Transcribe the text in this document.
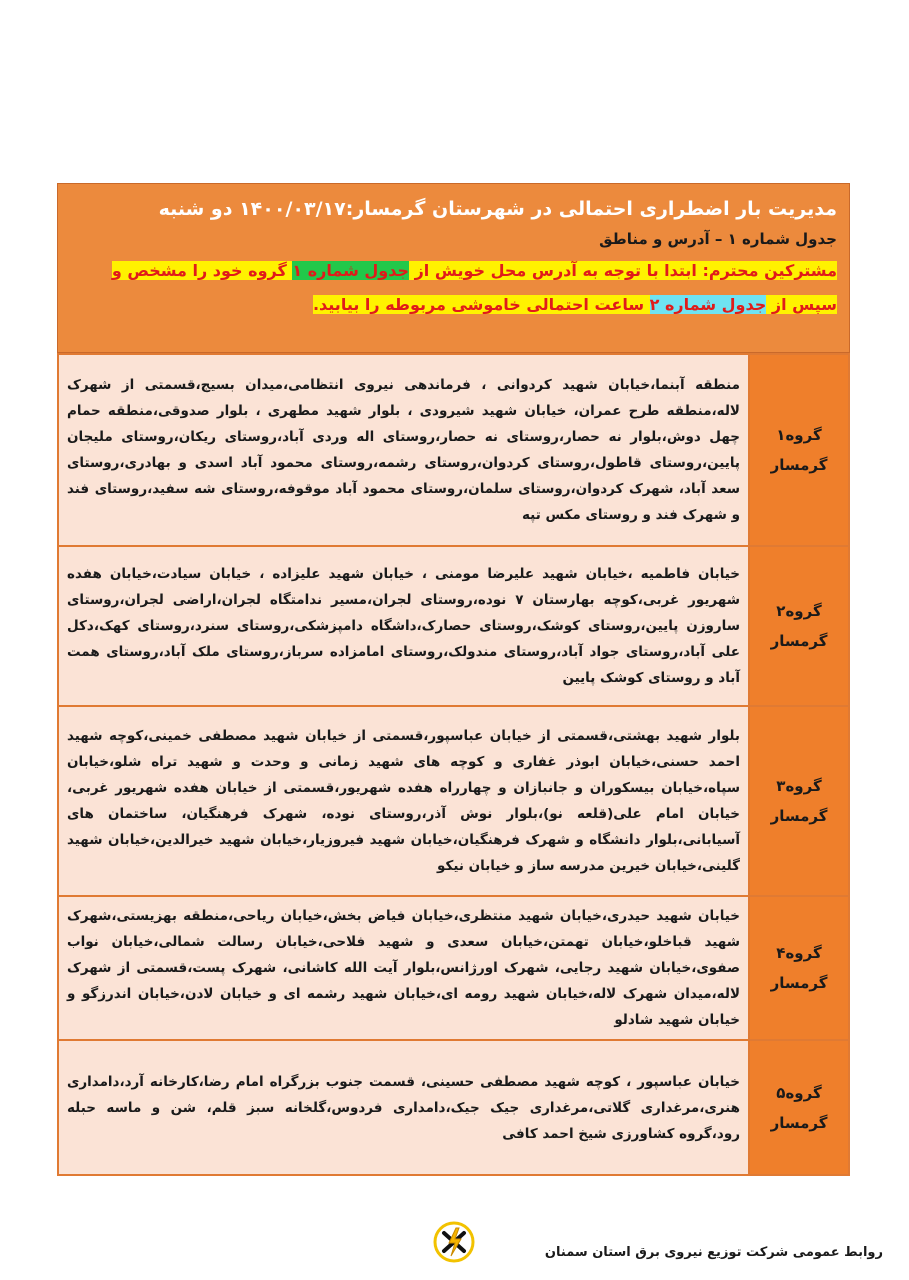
مدیریت بار اضطراری احتمالی در شهرستان گرمسار:۱۴۰۰/۰۳/۱۷ دو شنبه
جدول شماره ۱ – آدرس و مناطق
مشترکین محترم: ابتدا با توجه به آدرس محل خویش از جدول شماره ۱ گروه خود را مشخص و سپس از جدول شماره ۲ ساعت احتمالی خاموشی مربوطه را بیابید.
گروه۱
گرمسار	منطقه آبنما،خیابان شهید کردوانی ، فرماندهی نیروی انتظامی،میدان بسیج،قسمتی از شهرک لاله،منطقه طرح عمران، خیابان شهید شیرودی ، بلوار شهید مطهری ، بلوار صدوقی،منطقه حمام چهل دوش،بلوار نه حصار،روستای نه حصار،روستای اله وردی آباد،روستای ریکان،روستای ملیجان پایین،روستای قاطول،روستای کردوان،روستای رشمه،روستای محمود آباد اسدی و بهادری،روستای سعد آباد، شهرک کردوان،روستای سلمان،روستای محمود آباد موقوفه،روستای شه سفید،روستای فند و شهرک فند و روستای مکس تپه

گروه۲
گرمسار	خیابان فاطمیه ،خیابان شهید علیرضا مومنی ، خیابان شهید علیزاده ، خیابان سیادت،خیابان هفده شهریور غربی،کوچه بهارستان ۷ نوده،روستای لجران،مسیر ندامتگاه لجران،اراضی لجران،روستای ساروزن پایین،روستای کوشک،روستای حصارک،داشگاه دامپزشکی،روستای سنرد،روستای کهک،دکل علی آباد،روستای جواد آباد،روستای مندولک،روستای امامزاده سرباز،روستای ملک آباد،روستای همت آباد و روستای کوشک پایین

گروه۳
گرمسار	بلوار شهید بهشتی،قسمتی از خیابان عباسپور،قسمتی از خیابان شهید مصطفی خمینی،کوچه شهید احمد حسنی،خیابان ابوذر غفاری و کوچه های شهید زمانی و وحدت و شهید تراه شلو،خیابان سپاه،خیابان بیسکوران و جانبازان و چهارراه هفده شهریور،قسمتی از خیابان هفده شهریور غربی، خیابان امام علی(قلعه نو)،بلوار نوش آذر،روستای نوده، شهرک فرهنگیان، ساختمان های آسیابانی،بلوار دانشگاه و شهرک فرهنگیان،خیابان شهید فیروزیار،خیابان شهید خیرالدین،خیابان شهید گلینی،خیابان خیرین مدرسه ساز و خیابان نیکو

گروه۴
گرمسار	خیابان شهید حیدری،خیابان شهید منتظری،خیابان فیاض بخش،خیابان ریاحی،منطقه بهزیستی،شهرک شهید قباخلو،خیابان تهمتن،خیابان سعدی و شهید فلاحی،خیابان رسالت شمالی،خیابان نواب صفوی،خیابان شهید رجایی، شهرک اورژانس،بلوار آیت الله کاشانی، شهرک پست،قسمتی از شهرک لاله،میدان شهرک لاله،خیابان شهید رومه ای،خیابان شهید رشمه ای و خیابان لادن،خیابان اندرزگو و خیابان شهید شادلو

گروه۵
گرمسار	خیابان عباسپور ، کوچه شهید مصطفی حسینی، قسمت جنوب بزرگراه امام رضا،کارخانه آرد،دامداری هنری،مرغداری گلاتی،مرغداری جیک جیک،دامداری فردوس،گلخانه سبز قلم، شن و ماسه حبله رود،گروه کشاورزی شیخ احمد کافی
روابط عمومی شرکت توزیع نیروی برق استان سمنان
